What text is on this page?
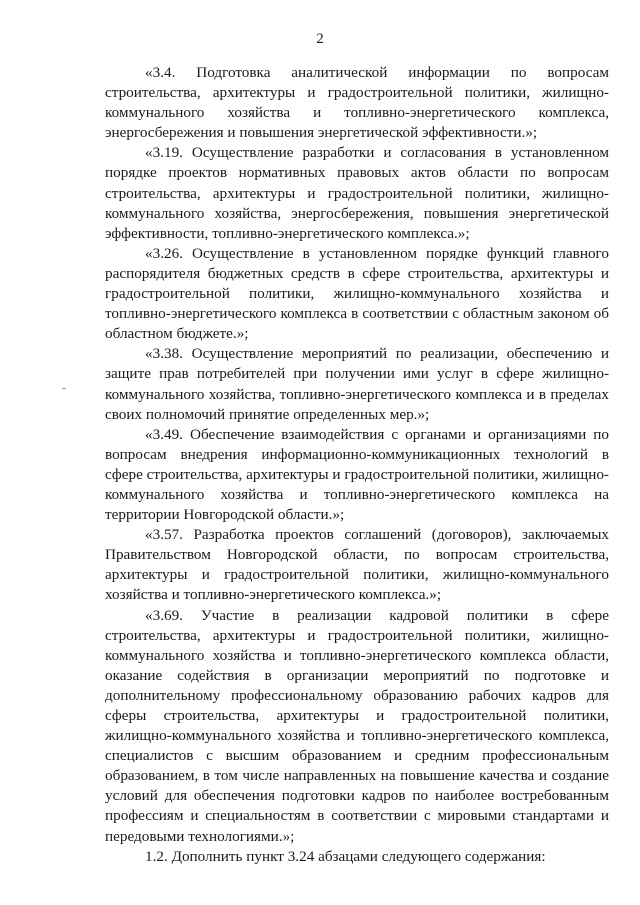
2

«3.4. Подготовка аналитической информации по вопросам строительства, архитектуры и градостроительной политики, жилищно-коммунального хозяйства и топливно-энергетического комплекса, энергосбережения и повышения энергетической эффективности.»;

«3.19. Осуществление разработки и согласования в установленном порядке проектов нормативных правовых актов области по вопросам строительства, архитектуры и градостроительной политики, жилищно-коммунального хозяйства, энергосбережения, повышения энергетической эффективности, топливно-энергетического комплекса.»;

«3.26. Осуществление в установленном порядке функций главного распорядителя бюджетных средств в сфере строительства, архитектуры и градостроительной политики, жилищно-коммунального хозяйства и топливно-энергетического комплекса в соответствии с областным законом об областном бюджете.»;

«3.38. Осуществление мероприятий по реализации, обеспечению и защите прав потребителей при получении ими услуг в сфере жилищно-коммунального хозяйства, топливно-энергетического комплекса и в пределах своих полномочий принятие определенных мер.»;

«3.49. Обеспечение взаимодействия с органами и организациями по вопросам внедрения информационно-коммуникационных технологий в сфере строительства, архитектуры и градостроительной политики, жилищно-коммунального хозяйства и топливно-энергетического комплекса на территории Новгородской области.»;

«3.57. Разработка проектов соглашений (договоров), заключаемых Правительством Новгородской области, по вопросам строительства, архитектуры и градостроительной политики, жилищно-коммунального хозяйства и топливно-энергетического комплекса.»;

«3.69. Участие в реализации кадровой политики в сфере строительства, архитектуры и градостроительной политики, жилищно-коммунального хозяйства и топливно-энергетического комплекса области, оказание содействия в организации мероприятий по подготовке и дополнительному профессиональному образованию рабочих кадров для сферы строительства, архитектуры и градостроительной политики, жилищно-коммунального хозяйства и топливно-энергетического комплекса, специалистов с высшим образованием и средним профессиональным образованием, в том числе направленных на повышение качества и создание условий для обеспечения подготовки кадров по наиболее востребованным профессиям и специальностям в соответствии с мировыми стандартами и передовыми технологиями.»;

1.2. Дополнить пункт 3.24 абзацами следующего содержания:
